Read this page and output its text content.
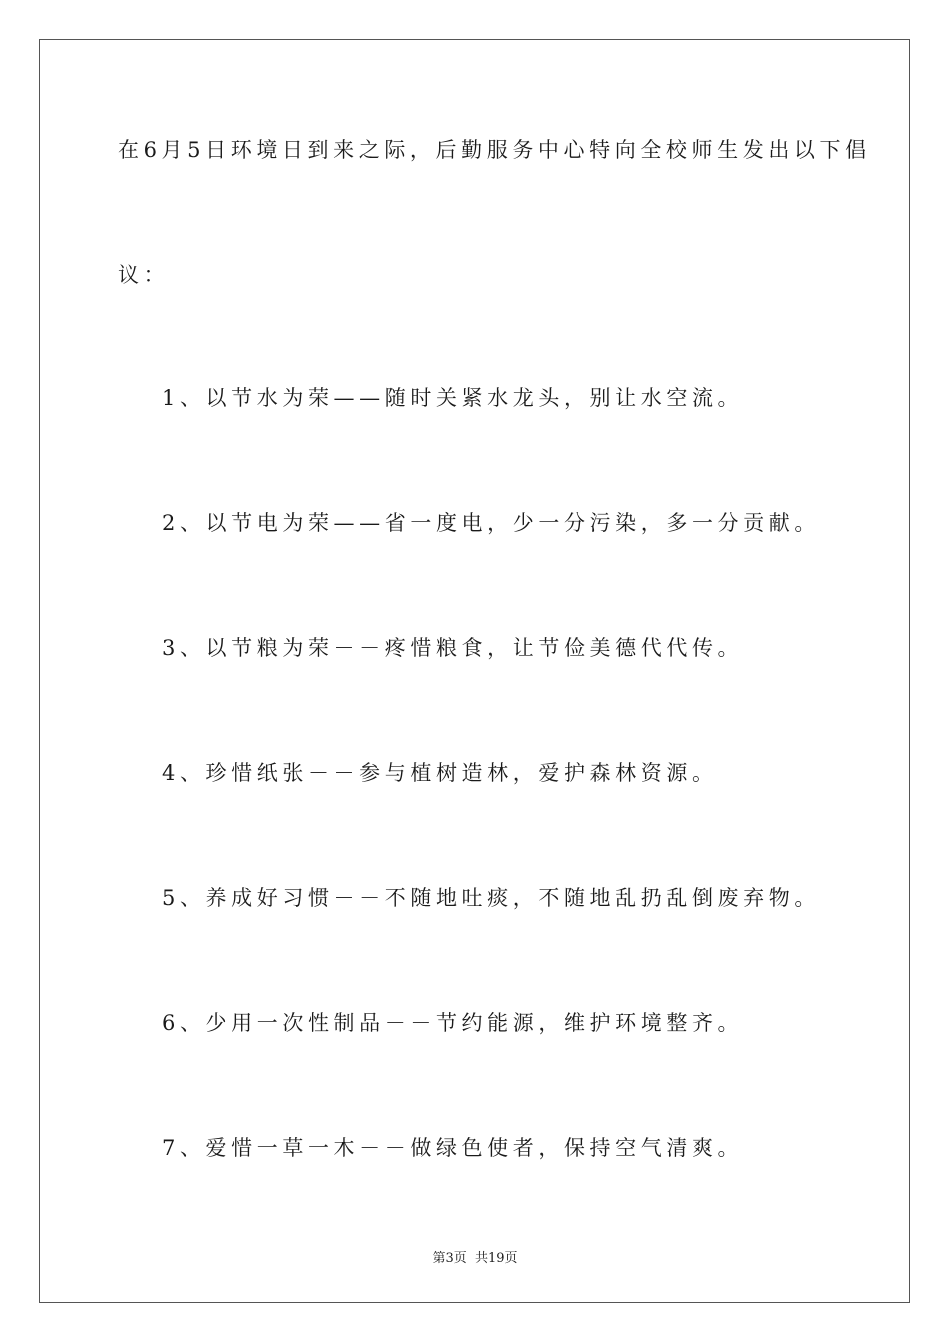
在6月5日环境日到来之际，后勤服务中心特向全校师生发出以下倡
议：
1、以节水为荣——随时关紧水龙头，别让水空流。
2、以节电为荣——省一度电，少一分污染，多一分贡献。
3、以节粮为荣－－疼惜粮食，让节俭美德代代传。
4、珍惜纸张－－参与植树造林，爱护森林资源。
5、养成好习惯－－不随地吐痰，不随地乱扔乱倒废弃物。
6、少用一次性制品－－节约能源，维护环境整齐。
7、爱惜一草一木－－做绿色使者，保持空气清爽。
第3页  共19页
